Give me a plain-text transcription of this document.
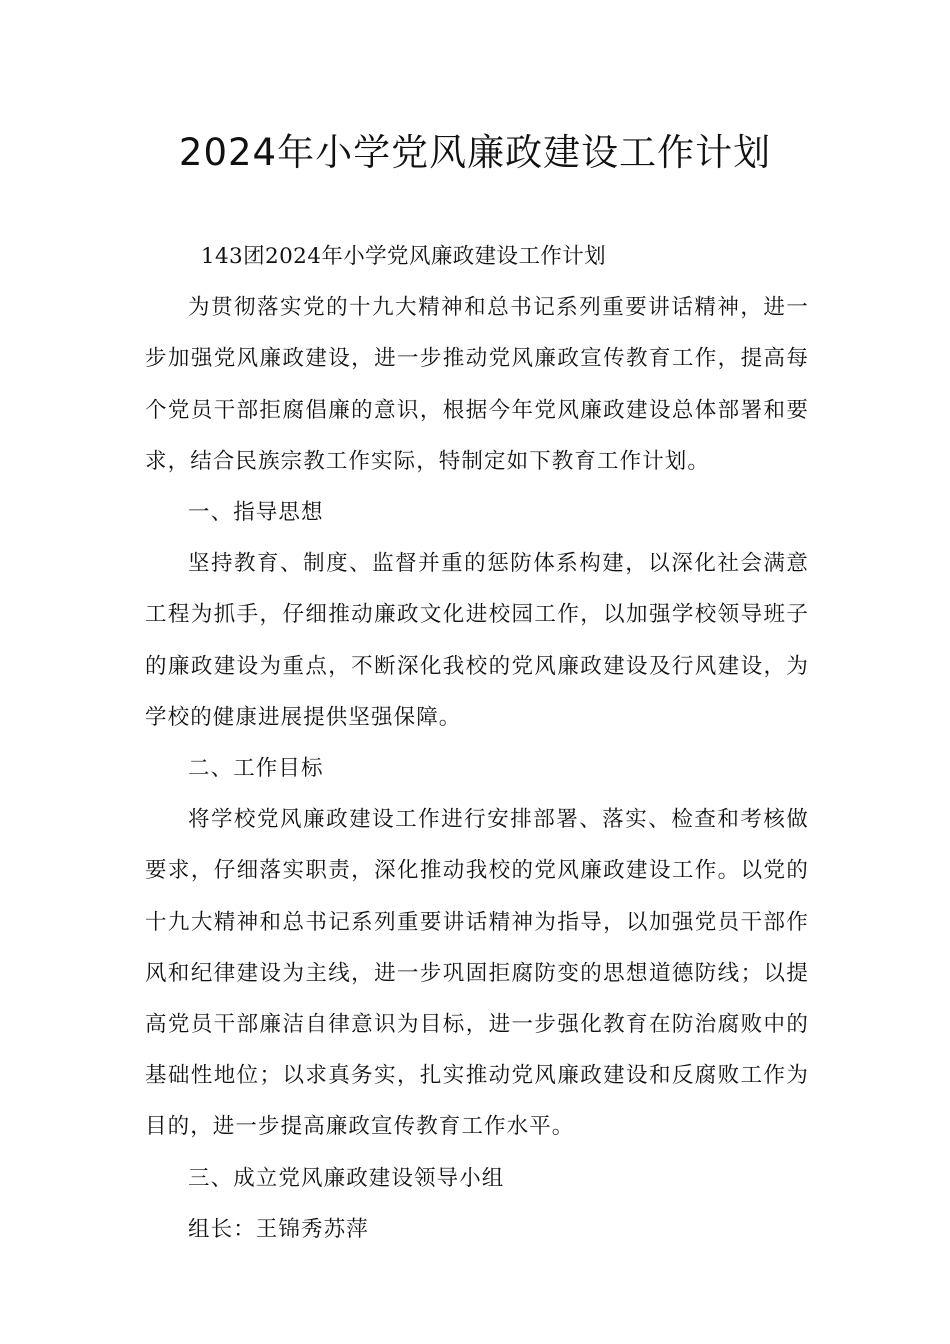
2024年小学党风廉政建设工作计划

143团2024年小学党风廉政建设工作计划

为贯彻落实党的十九大精神和总书记系列重要讲话精神，进一步加强党风廉政建设，进一步推动党风廉政宣传教育工作，提高每个党员干部拒腐倡廉的意识，根据今年党风廉政建设总体部署和要求，结合民族宗教工作实际，特制定如下教育工作计划。

一、指导思想

坚持教育、制度、监督并重的惩防体系构建，以深化社会满意工程为抓手，仔细推动廉政文化进校园工作，以加强学校领导班子的廉政建设为重点，不断深化我校的党风廉政建设及行风建设，为学校的健康进展提供坚强保障。

二、工作目标

将学校党风廉政建设工作进行安排部署、落实、检查和考核做要求，仔细落实职责，深化推动我校的党风廉政建设工作。以党的十九大精神和总书记系列重要讲话精神为指导，以加强党员干部作风和纪律建设为主线，进一步巩固拒腐防变的思想道德防线；以提高党员干部廉洁自律意识为目标，进一步强化教育在防治腐败中的基础性地位；以求真务实，扎实推动党风廉政建设和反腐败工作为目的，进一步提高廉政宣传教育工作水平。

三、成立党风廉政建设领导小组

组长：王锦秀苏萍
